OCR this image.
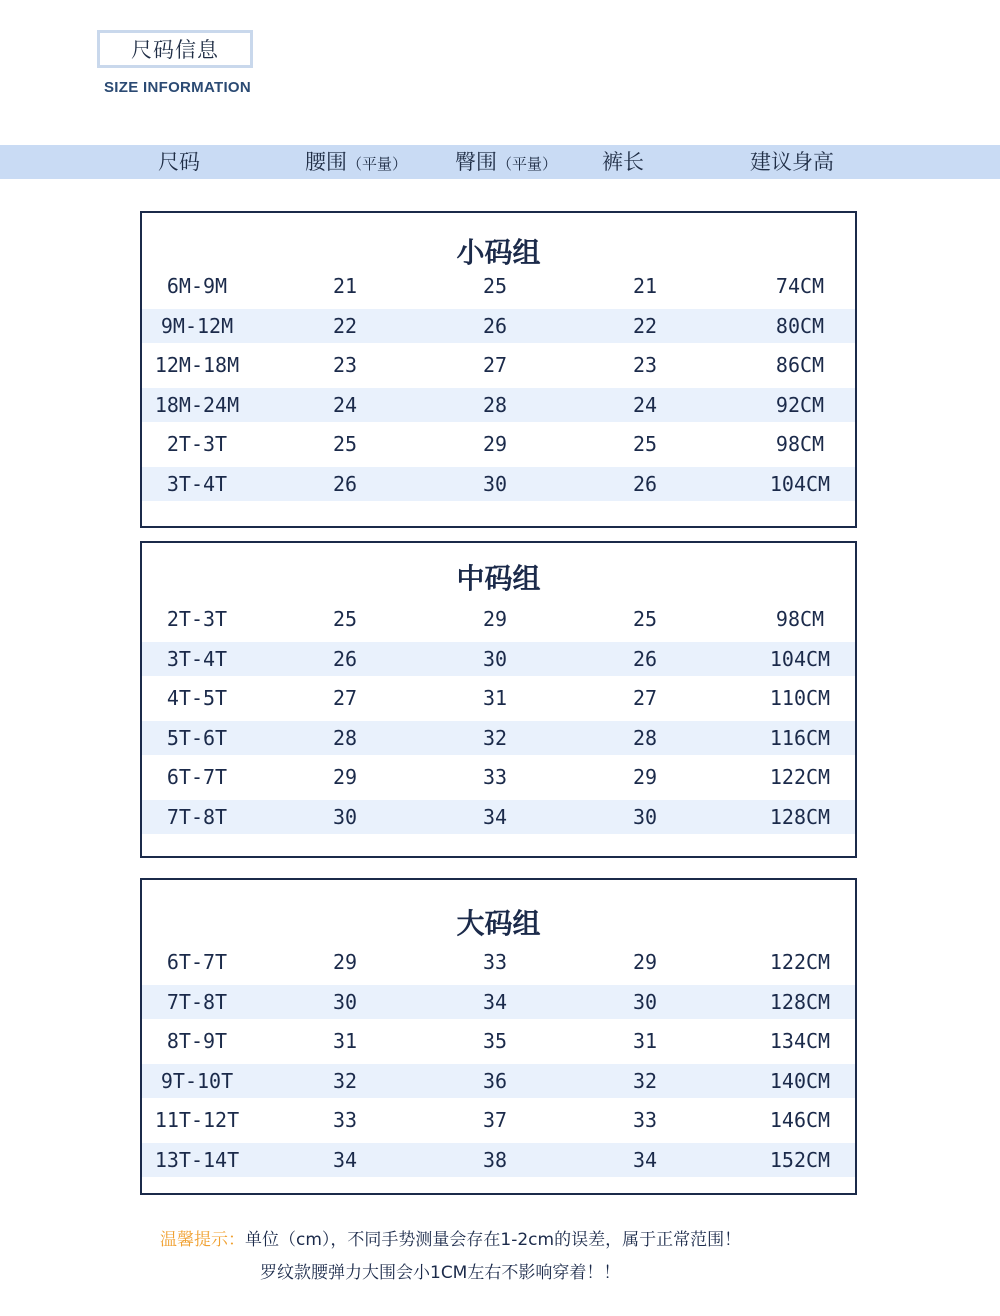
尺码信息
SIZE INFORMATION
尺码	腰围（平量） 臀围（平量） 裤长	建议身高
小码组
6M-9M	21	25	21	74CM
9M-12M	22	26	22	80CM
12M-18M	23	27	23	86CM
18M-24M	24	28	24	92CM
2T-3T	25	29	25	98CM
3T-4T	26	30	26	104CM
中码组
2T-3T	25	29	25	98CM
3T-4T	26	30	26	104CM
4T-5T	27	31	27	110CM
5T-6T	28	32	28	116CM
6T-7T	29	33	29	122CM
7T-8T	30	34	30	128CM
大码组
6T-7T	29	33	29	122CM
7T-8T	30	34	30	128CM
8T-9T	31	35	31	134CM
9T-10T	32	36	32	140CM
11T-12T	33	37	33	146CM
13T-14T	34	38	34	152CM
温馨提示：单位（cm），不同手势测量会存在1-2cm的误差，属于正常范围！
罗纹款腰弹力大围会小1CM左右不影响穿着！！
